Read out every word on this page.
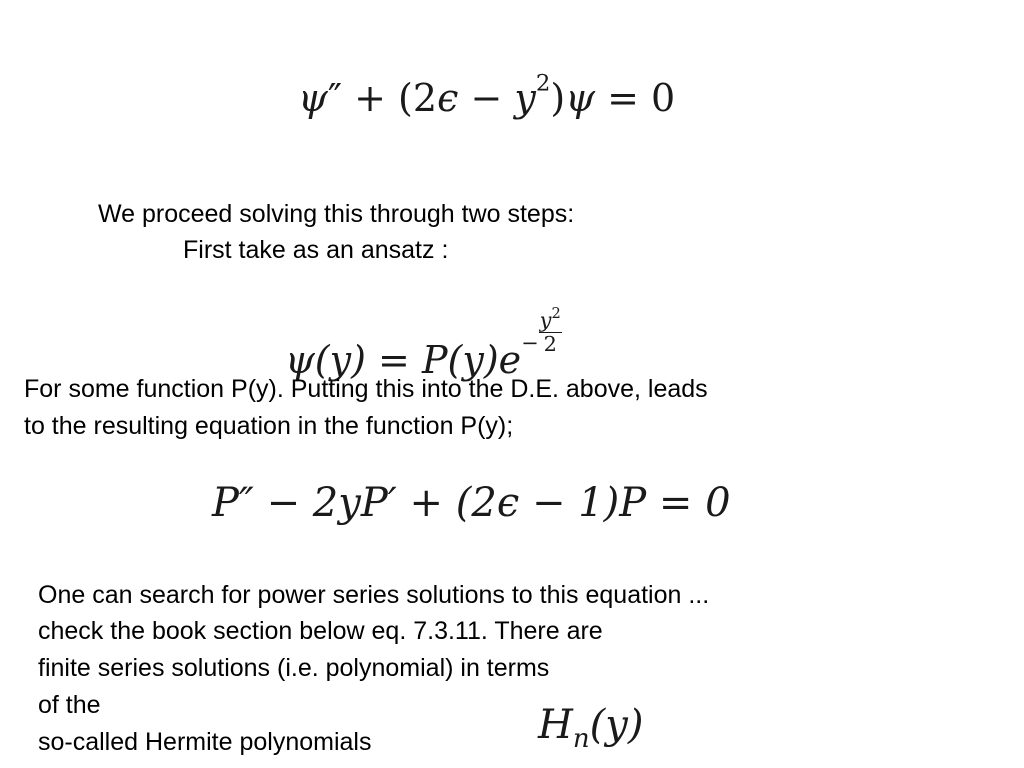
$\psi'' + (2\epsilon - y^2)\psi = 0$
We proceed solving this through two steps:
First take as an ansatz :
$\psi(y) = P(y)e^- \frac{y^2}{2}$
For some function P(y). Putting this into the D.E. above, leads
to the resulting equation in the function P(y);
P″ − 2yP′ + (2ϵ − 1)P = 0
One can search for power series solutions to this equation ...
check the book section below eq. 7.3.11. There are
finite series solutions (i.e. polynomial) in terms
of the
so-called Hermite polynomials	$H_n(y)$
